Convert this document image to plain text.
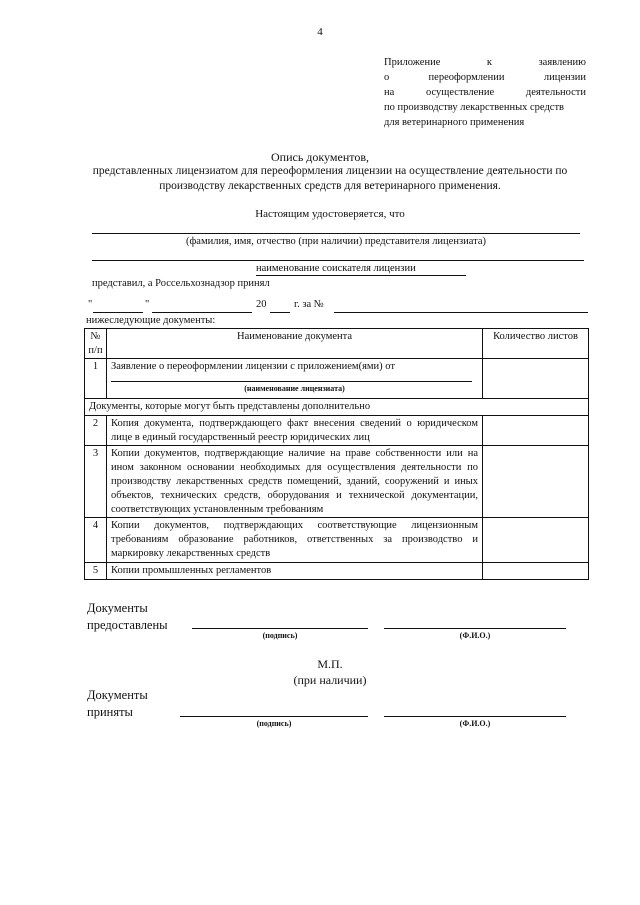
4
Приложение	к	заявлению
о	переоформлении	лицензии
на	осуществление	деятельности
по производству лекарственных средств
для ветеринарного применения
Опись документов,
представленных лицензиатом для переоформления лицензии на осуществление деятельности по производству лекарственных средств для ветеринарного применения.
Настоящим удостоверяется, что
(фамилия, имя, отчество (при наличии) представителя лицензиата)
наименование соискателя лицензии
представил, а Россельхознадзор принял
"	"	20	г. за №
нижеследующие документы:
№
п/п	Наименование документа	Количество листов
1	Заявление о переоформлении лицензии с приложением(ями) от
(наименование лицензиата)	

Документы, которые могут быть представлены дополнительно		
2	Копия документа, подтверждающего факт внесения сведений о юридическом лице в единый государственный реестр юридических лиц	
3	Копии документов, подтверждающие наличие на праве собственности или на ином законном основании необходимых для осуществления деятельности по производству лекарственных средств помещений, зданий, сооружений и иных объектов, технических средств, оборудования и технической документации, соответствующих установленным требованиям	
4	Копии документов, подтверждающих соответствующие лицензионным требованиям образование работников, ответственных за производство и маркировку лекарственных средств	
5	Копии промышленных регламентов	
Документы
предоставлены
(подпись)	(Ф.И.О.)
М.П.
(при наличии)
Документы
приняты
(подпись)	(Ф.И.О.)
